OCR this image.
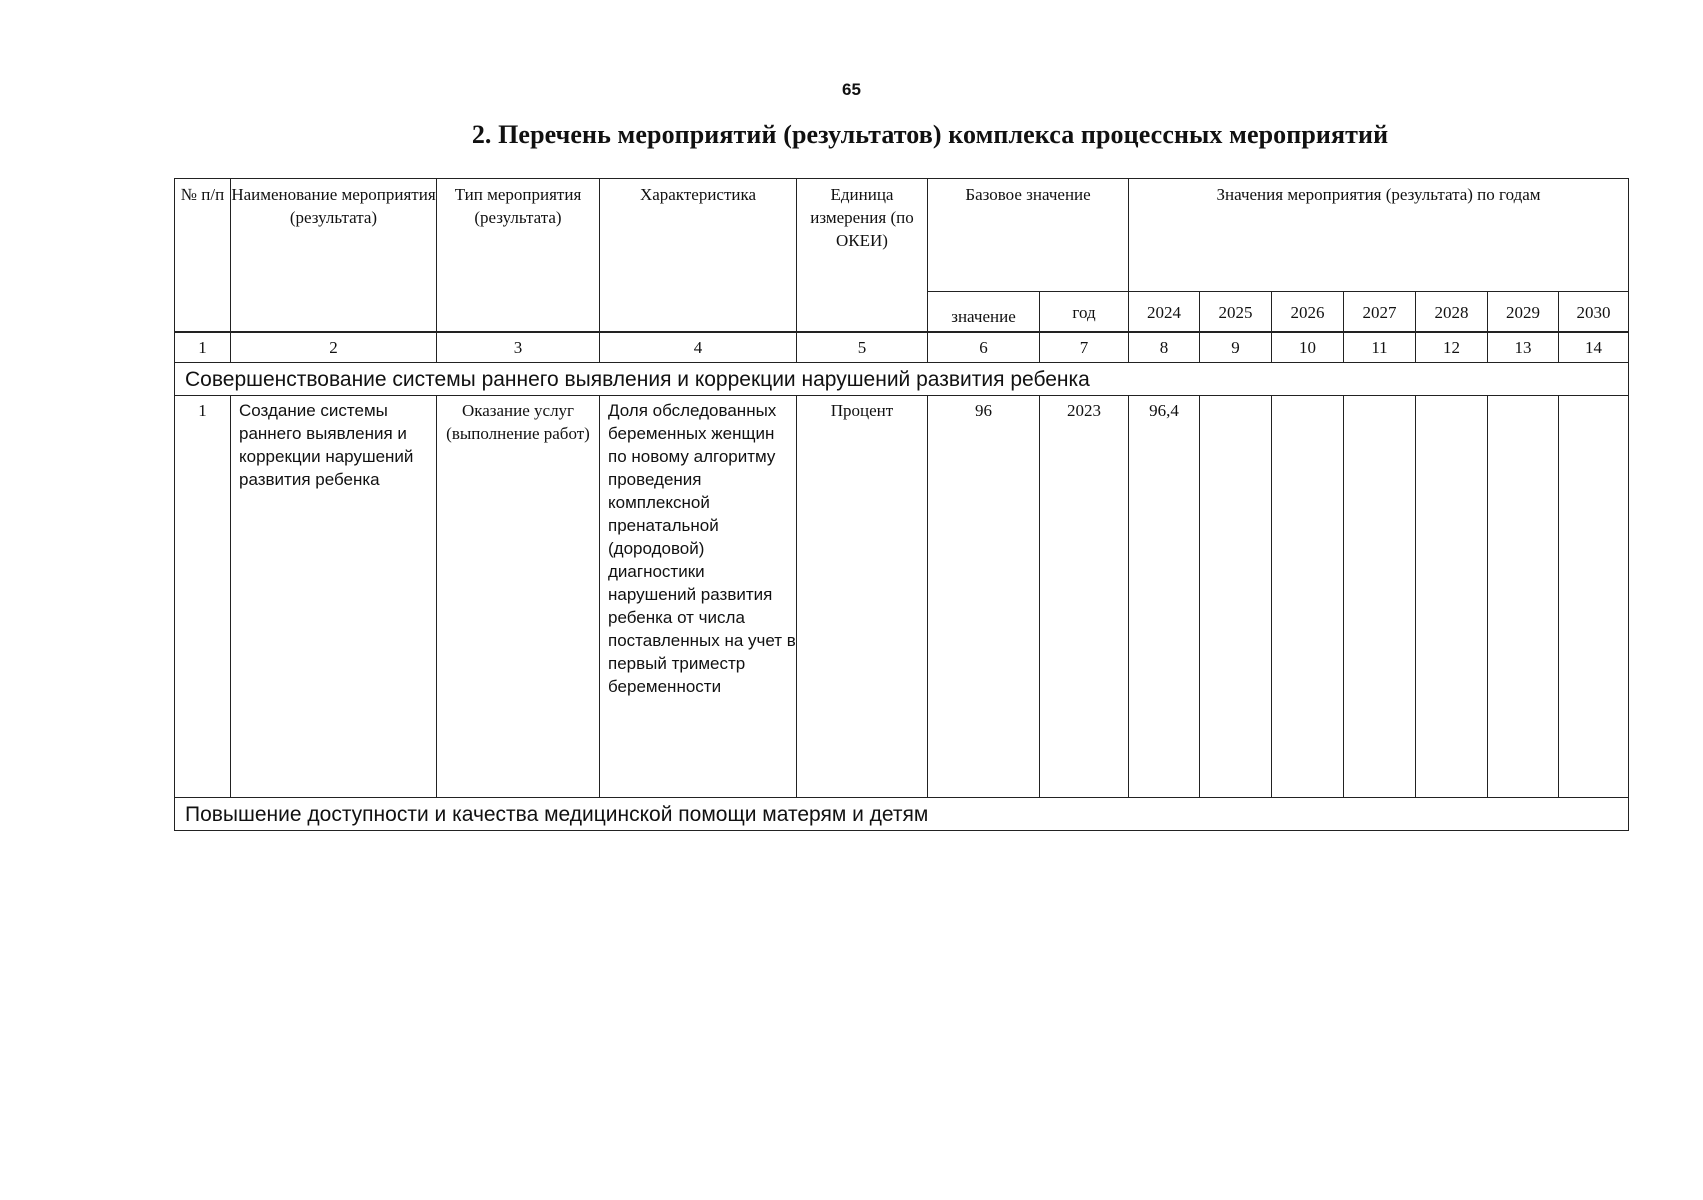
65
2. Перечень мероприятий (результатов) комплекса процессных мероприятий
№ п/п	Наименование мероприятия (результата)	Тип мероприятия (результата)	Характеристика	Единица измерения (по ОКЕИ)	Базовое значение		Значения мероприятия (результата) по годам						
					значение	год	2024	2025	2026	2027	2028	2029	2030
1	2	3	4	5	6	7	8	9	10	11	12	13	14
Совершенствование системы раннего выявления и коррекции нарушений развития ребенка													
1	Создание системы раннего выявления и коррекции нарушений развития ребенка	Оказание услуг (выполнение работ)	Доля обследованных беременных женщин по новому алгоритму проведения комплексной пренатальной (дородовой) диагностики нарушений развития ребенка от числа поставленных на учет в первый триместр беременности	Процент	96	2023	96,4						
Повышение доступности и качества медицинской помощи матерям и детям													
